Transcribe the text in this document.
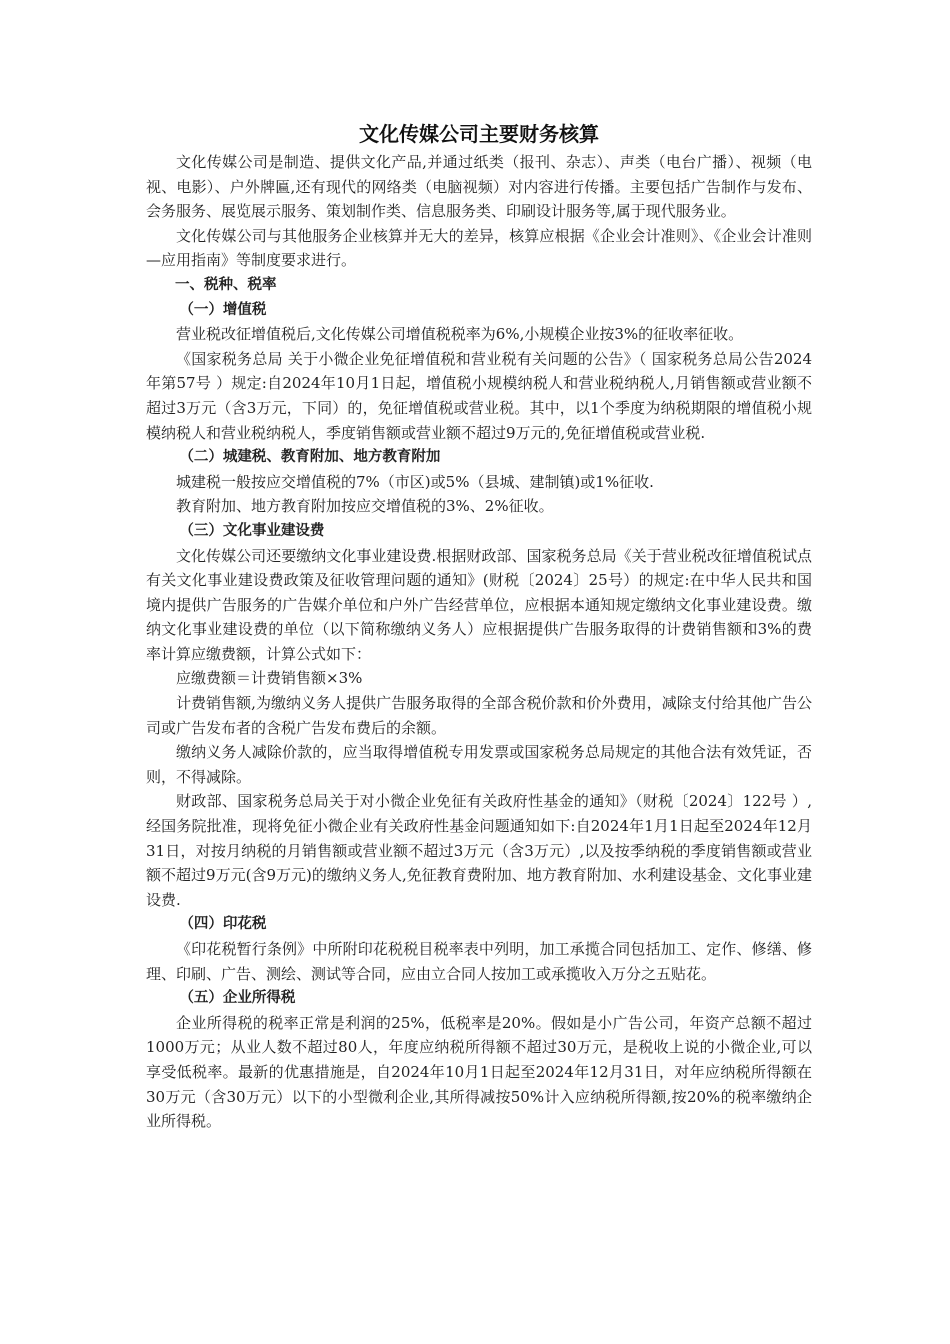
文化传媒公司主要财务核算

文化传媒公司是制造、提供文化产品,并通过纸类（报刊、杂志）、声类（电台广播）、视频（电视、电影）、户外牌匾,还有现代的网络类（电脑视频）对内容进行传播。主要包括广告制作与发布、会务服务、展览展示服务、策划制作类、信息服务类、印刷设计服务等,属于现代服务业。

文化传媒公司与其他服务企业核算并无大的差异，核算应根据《企业会计准则》、《企业会计准则—应用指南》等制度要求进行。

一、税种、税率
（一）增值税

营业税改征增值税后,文化传媒公司增值税税率为6%,小规模企业按3%的征收率征收。

《国家税务总局 关于小微企业免征增值税和营业税有关问题的公告》（ 国家税务总局公告2024年第57号 ）规定:自2024年10月1日起，增值税小规模纳税人和营业税纳税人,月销售额或营业额不超过3万元（含3万元，下同）的，免征增值税或营业税。其中，以1个季度为纳税期限的增值税小规模纳税人和营业税纳税人，季度销售额或营业额不超过9万元的,免征增值税或营业税.

（二）城建税、教育附加、地方教育附加

城建税一般按应交增值税的7%（市区)或5%（县城、建制镇)或1%征收.

教育附加、地方教育附加按应交增值税的3%、2%征收。

（三）文化事业建设费

文化传媒公司还要缴纳文化事业建设费.根据财政部、国家税务总局《关于营业税改征增值税试点有关文化事业建设费政策及征收管理问题的通知》(财税〔2024〕25号）的规定:在中华人民共和国境内提供广告服务的广告媒介单位和户外广告经营单位，应根据本通知规定缴纳文化事业建设费。缴纳文化事业建设费的单位（以下简称缴纳义务人）应根据提供广告服务取得的计费销售额和3%的费率计算应缴费额，计算公式如下：

应缴费额＝计费销售额×3%

计费销售额,为缴纳义务人提供广告服务取得的全部含税价款和价外费用，减除支付给其他广告公司或广告发布者的含税广告发布费后的余额。

缴纳义务人减除价款的，应当取得增值税专用发票或国家税务总局规定的其他合法有效凭证，否则，不得减除。

财政部、国家税务总局关于对小微企业免征有关政府性基金的通知》（财税〔2024〕122号 ）,经国务院批准，现将免征小微企业有关政府性基金问题通知如下:自2024年1月1日起至2024年12月31日，对按月纳税的月销售额或营业额不超过3万元（含3万元）,以及按季纳税的季度销售额或营业额不超过9万元(含9万元)的缴纳义务人,免征教育费附加、地方教育附加、水利建设基金、文化事业建设费.

（四）印花税

《印花税暂行条例》中所附印花税税目税率表中列明，加工承揽合同包括加工、定作、修缮、修理、印刷、广告、测绘、测试等合同，应由立合同人按加工或承揽收入万分之五贴花。

（五）企业所得税

企业所得税的税率正常是利润的25%，低税率是20%。假如是小广告公司，年资产总额不超过1000万元；从业人数不超过80人，年度应纳税所得额不超过30万元，是税收上说的小微企业,可以享受低税率。最新的优惠措施是，自2024年10月1日起至2024年12月31日，对年应纳税所得额在30万元（含30万元）以下的小型微利企业,其所得减按50%计入应纳税所得额,按20%的税率缴纳企业所得税。
